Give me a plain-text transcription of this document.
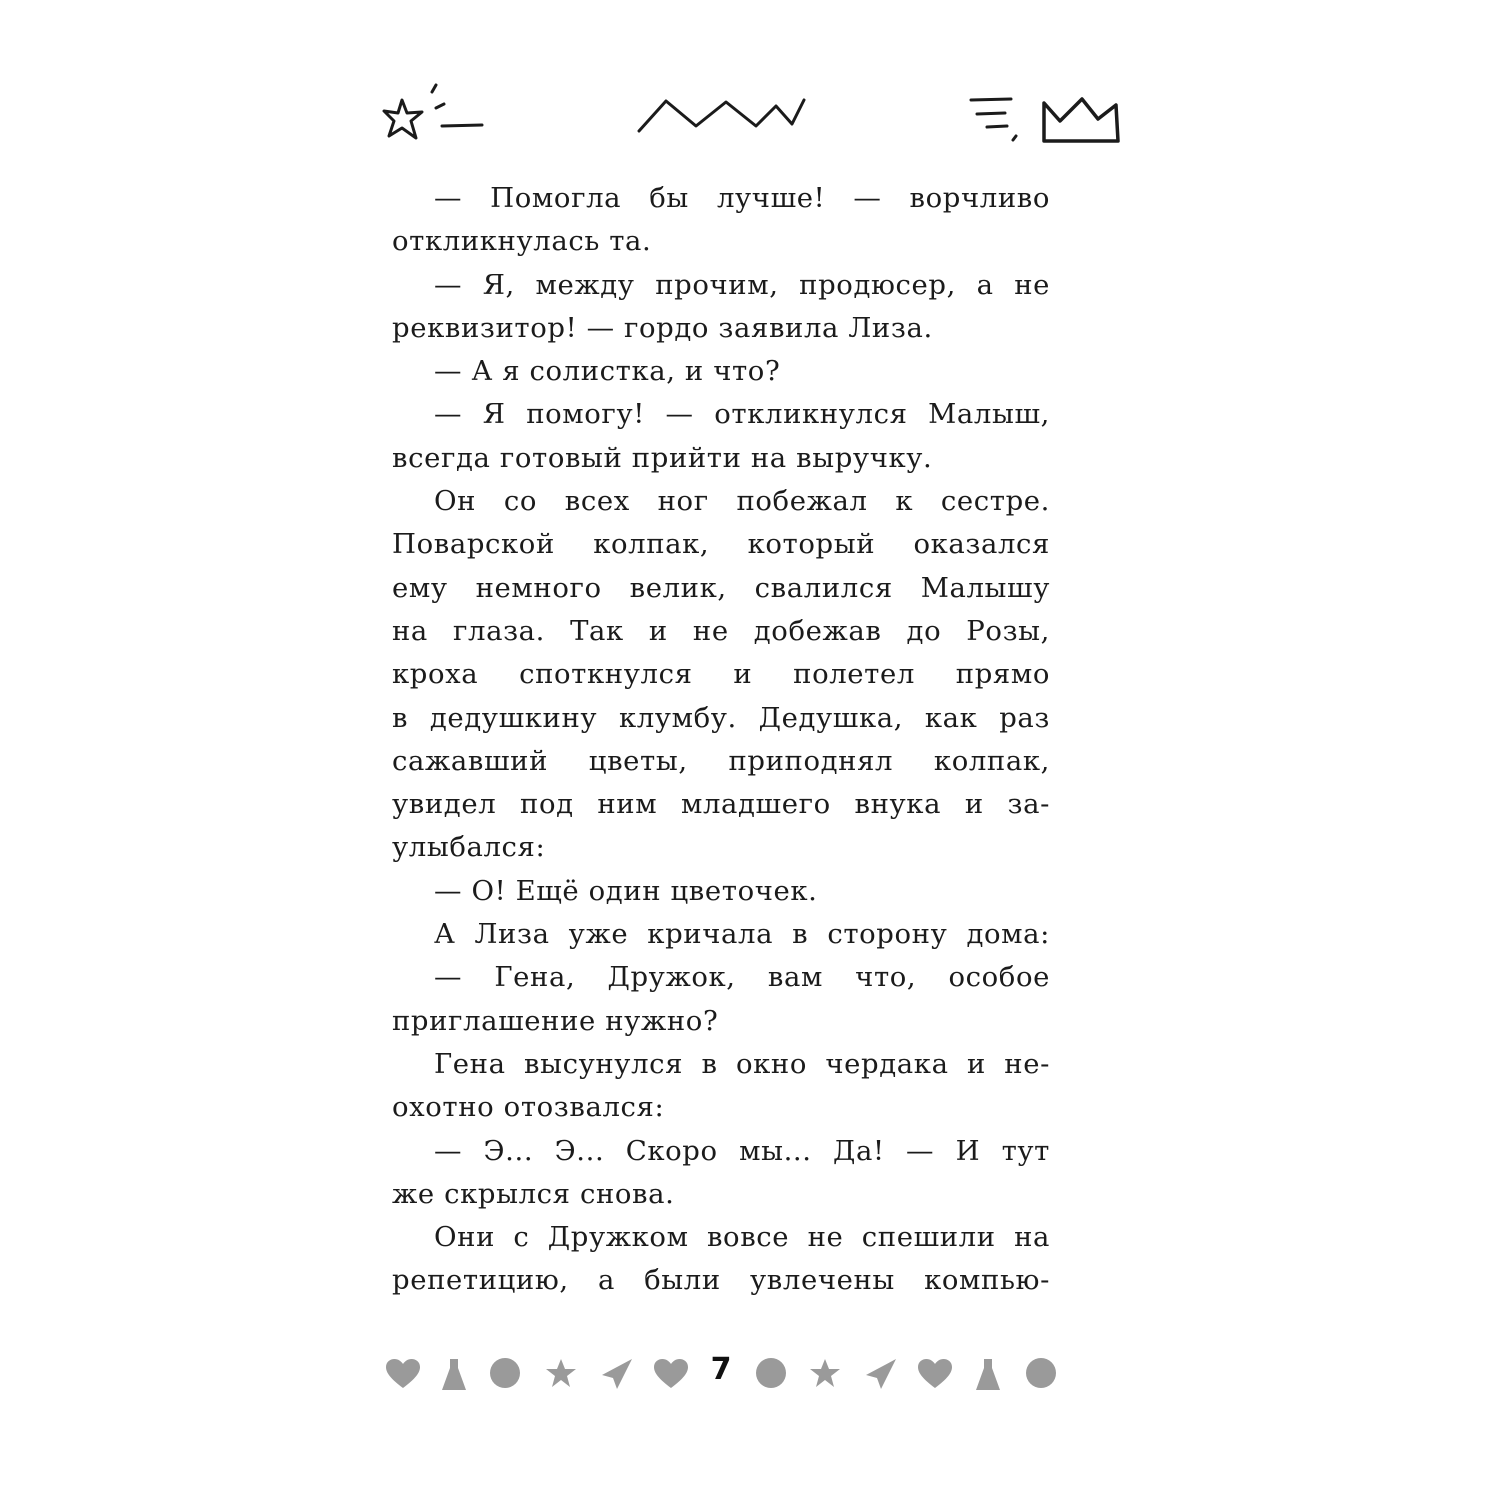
— Помогла бы лучше! — ворчливо
откликнулась та.
— Я, между прочим, продюсер, а не
реквизитор! — гордо заявила Лиза.
— А я солистка, и что?
— Я помогу! — откликнулся Малыш,
всегда готовый прийти на выручку.
Он со всех ног побежал к сестре.
Поварской колпак, который оказался
ему немного велик, свалился Малышу
на глаза. Так и не добежав до Розы,
кроха споткнулся и полетел прямо
в дедушкину клумбу. Дедушка, как раз
сажавший цветы, приподнял колпак,
увидел под ним младшего внука и за-
улыбался:
— О! Ещё один цветочек.
А Лиза уже кричала в сторону дома:
— Гена, Дружок, вам что, особое
приглашение нужно?
Гена высунулся в окно чердака и не-
охотно отозвался:
— Э... Э... Скоро мы... Да! — И тут
же скрылся снова.
Они с Дружком вовсе не спешили на
репетицию, а были увлечены компью-
7
